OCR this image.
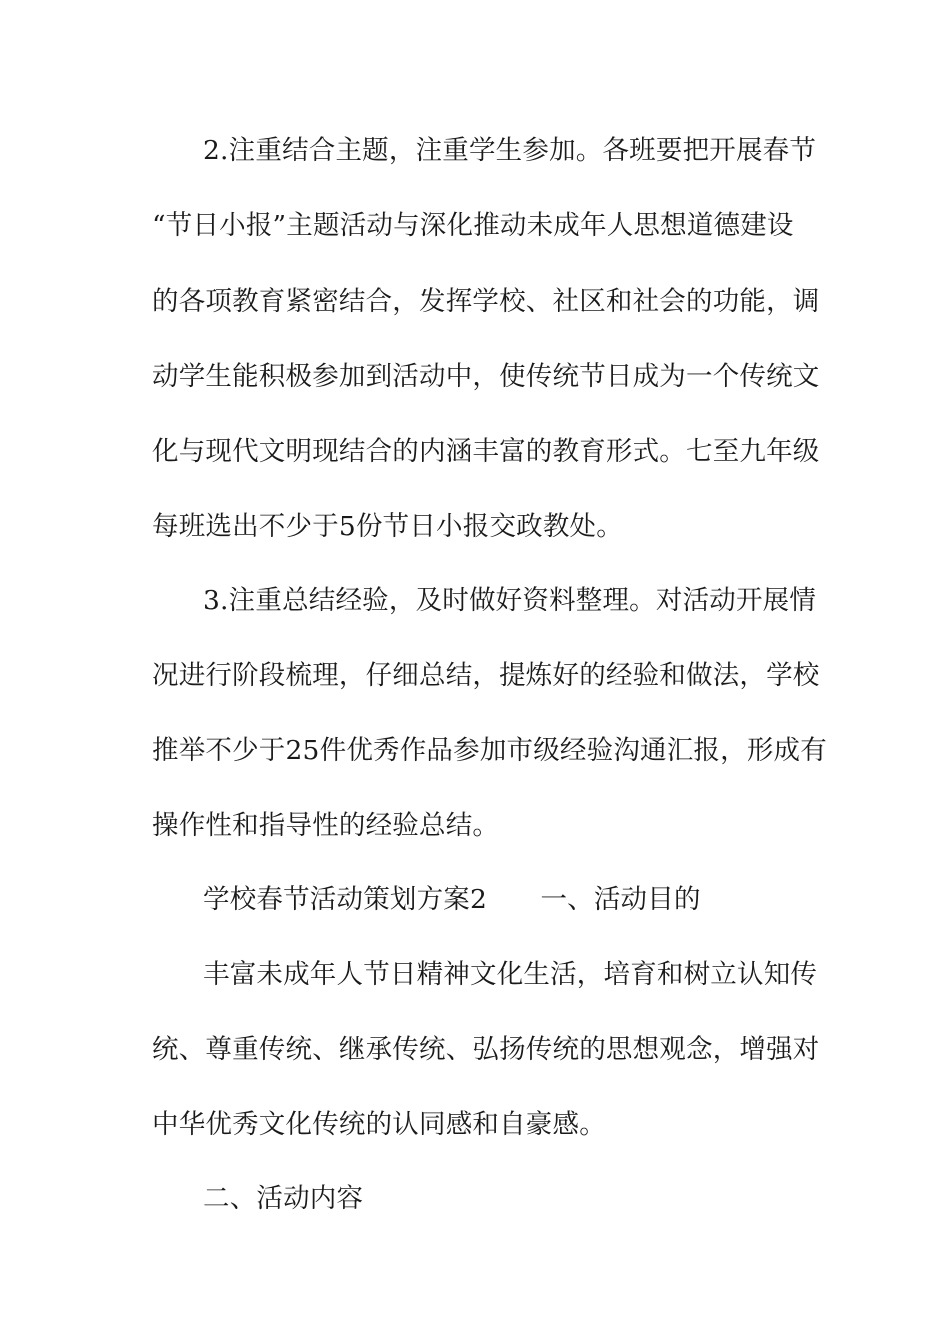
2.注重结合主题，注重学生参加。各班要把开展春节
“节日小报”主题活动与深化推动未成年人思想道德建设
的各项教育紧密结合，发挥学校、社区和社会的功能，调
动学生能积极参加到活动中，使传统节日成为一个传统文
化与现代文明现结合的内涵丰富的教育形式。七至九年级
每班选出不少于5份节日小报交政教处。
3.注重总结经验，及时做好资料整理。对活动开展情
况进行阶段梳理，仔细总结，提炼好的经验和做法，学校
推举不少于25件优秀作品参加市级经验沟通汇报，形成有
操作性和指导性的经验总结。
学校春节活动策划方案2　　一、活动目的
丰富未成年人节日精神文化生活，培育和树立认知传
统、尊重传统、继承传统、弘扬传统的思想观念，增强对
中华优秀文化传统的认同感和自豪感。
二、活动内容
